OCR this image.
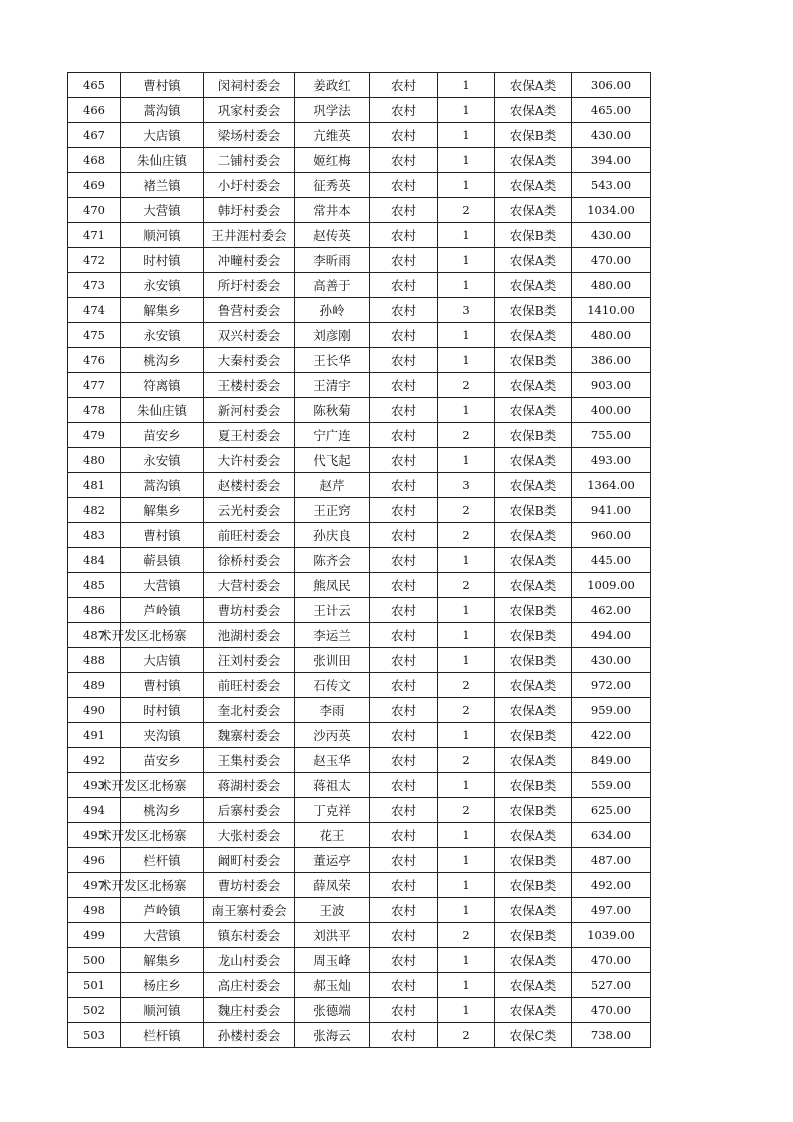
465	曹村镇	闵祠村委会	姜政红	农村	1	农保A类	306.00
466	蒿沟镇	巩家村委会	巩学法	农村	1	农保A类	465.00
467	大店镇	梁场村委会	亢维英	农村	1	农保B类	430.00
468	朱仙庄镇	二铺村委会	姬红梅	农村	1	农保A类	394.00
469	褚兰镇	小圩村委会	征秀英	农村	1	农保A类	543.00
470	大营镇	韩圩村委会	常井本	农村	2	农保A类	1034.00
471	顺河镇	王井涯村委会	赵传英	农村	1	农保B类	430.00
472	时村镇	冲疃村委会	李昕雨	农村	1	农保A类	470.00
473	永安镇	所圩村委会	高善于	农村	1	农保A类	480.00
474	解集乡	鲁营村委会	孙岭	农村	3	农保B类	1410.00
475	永安镇	双兴村委会	刘彦刚	农村	1	农保A类	480.00
476	桃沟乡	大秦村委会	王长华	农村	1	农保B类	386.00
477	符离镇	王楼村委会	王清宇	农村	2	农保A类	903.00
478	朱仙庄镇	新河村委会	陈秋菊	农村	1	农保A类	400.00
479	苗安乡	夏王村委会	宁广连	农村	2	农保B类	755.00
480	永安镇	大许村委会	代飞起	农村	1	农保A类	493.00
481	蒿沟镇	赵楼村委会	赵芹	农村	3	农保A类	1364.00
482	解集乡	云光村委会	王正窍	农村	2	农保B类	941.00
483	曹村镇	前旺村委会	孙庆良	农村	2	农保A类	960.00
484	蕲县镇	徐桥村委会	陈齐会	农村	1	农保A类	445.00
485	大营镇	大营村委会	熊凤民	农村	2	农保A类	1009.00
486	芦岭镇	曹坊村委会	王计云	农村	1	农保B类	462.00
487	术开发区北杨寨	池湖村委会	李运兰	农村	1	农保B类	494.00
488	大店镇	汪刘村委会	张训田	农村	1	农保B类	430.00
489	曹村镇	前旺村委会	石传文	农村	2	农保A类	972.00
490	时村镇	奎北村委会	李雨	农村	2	农保A类	959.00
491	夹沟镇	魏寨村委会	沙丙英	农村	1	农保B类	422.00
492	苗安乡	王集村委会	赵玉华	农村	2	农保A类	849.00
493	术开发区北杨寨	蒋湖村委会	蒋祖太	农村	1	农保B类	559.00
494	桃沟乡	后寨村委会	丁克祥	农村	2	农保B类	625.00
495	术开发区北杨寨	大张村委会	花王	农村	1	农保A类	634.00
496	栏杆镇	阚町村委会	董运亭	农村	1	农保B类	487.00
497	术开发区北杨寨	曹坊村委会	薛凤荣	农村	1	农保B类	492.00
498	芦岭镇	南王寨村委会	王波	农村	1	农保A类	497.00
499	大营镇	镇东村委会	刘洪平	农村	2	农保B类	1039.00
500	解集乡	龙山村委会	周玉峰	农村	1	农保A类	470.00
501	杨庄乡	高庄村委会	郝玉灿	农村	1	农保A类	527.00
502	顺河镇	魏庄村委会	张德端	农村	1	农保A类	470.00
503	栏杆镇	孙楼村委会	张海云	农村	2	农保C类	738.00
